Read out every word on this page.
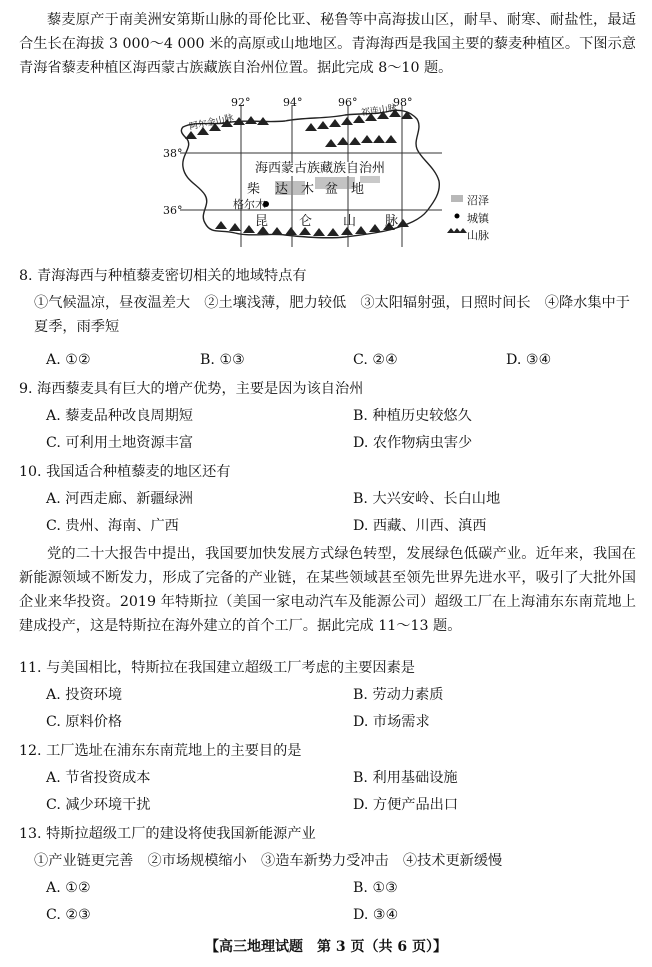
藜麦原产于南美洲安第斯山脉的哥伦比亚、秘鲁等中高海拔山区，耐旱、耐寒、耐盐性，最适合生长在海拔 3 000～4 000 米的高原或山地地区。青海海西是我国主要的藜麦种植区。下图示意青海省藜麦种植区海西蒙古族藏族自治州位置。据此完成 8～10 题。
92°	94°	96°	98°
38°
36°
阿尔金山脉
祁连山脉
海西蒙古族藏族自治州
柴 达 木 盆 地
格尔木
昆 仑 山 脉
沼泽
城镇
山脉
8. 青海海西与种植藜麦密切相关的地域特点有
①气候温凉，昼夜温差大　②土壤浅薄，肥力较低　③太阳辐射强，日照时间长　④降水集中于夏季，雨季短
A. ①②	B. ①③	C. ②④	D. ③④
9. 海西藜麦具有巨大的增产优势，主要是因为该自治州
A. 藜麦品种改良周期短	B. 种植历史较悠久
C. 可利用土地资源丰富	D. 农作物病虫害少
10. 我国适合种植藜麦的地区还有
A. 河西走廊、新疆绿洲	B. 大兴安岭、长白山地
C. 贵州、海南、广西	D. 西藏、川西、滇西
党的二十大报告中提出，我国要加快发展方式绿色转型，发展绿色低碳产业。近年来，我国在新能源领域不断发力，形成了完备的产业链，在某些领域甚至领先世界先进水平，吸引了大批外国企业来华投资。2019 年特斯拉（美国一家电动汽车及能源公司）超级工厂在上海浦东东南荒地上建成投产，这是特斯拉在海外建立的首个工厂。据此完成 11～13 题。
11. 与美国相比，特斯拉在我国建立超级工厂考虑的主要因素是
A. 投资环境	B. 劳动力素质
C. 原料价格	D. 市场需求
12. 工厂选址在浦东东南荒地上的主要目的是
A. 节省投资成本	B. 利用基础设施
C. 减少环境干扰	D. 方便产品出口
13. 特斯拉超级工厂的建设将使我国新能源产业
①产业链更完善　②市场规模缩小　③造车新势力受冲击　④技术更新缓慢
A. ①②	B. ①③
C. ②③	D. ③④
【高三地理试题　第 3 页（共 6 页）】
